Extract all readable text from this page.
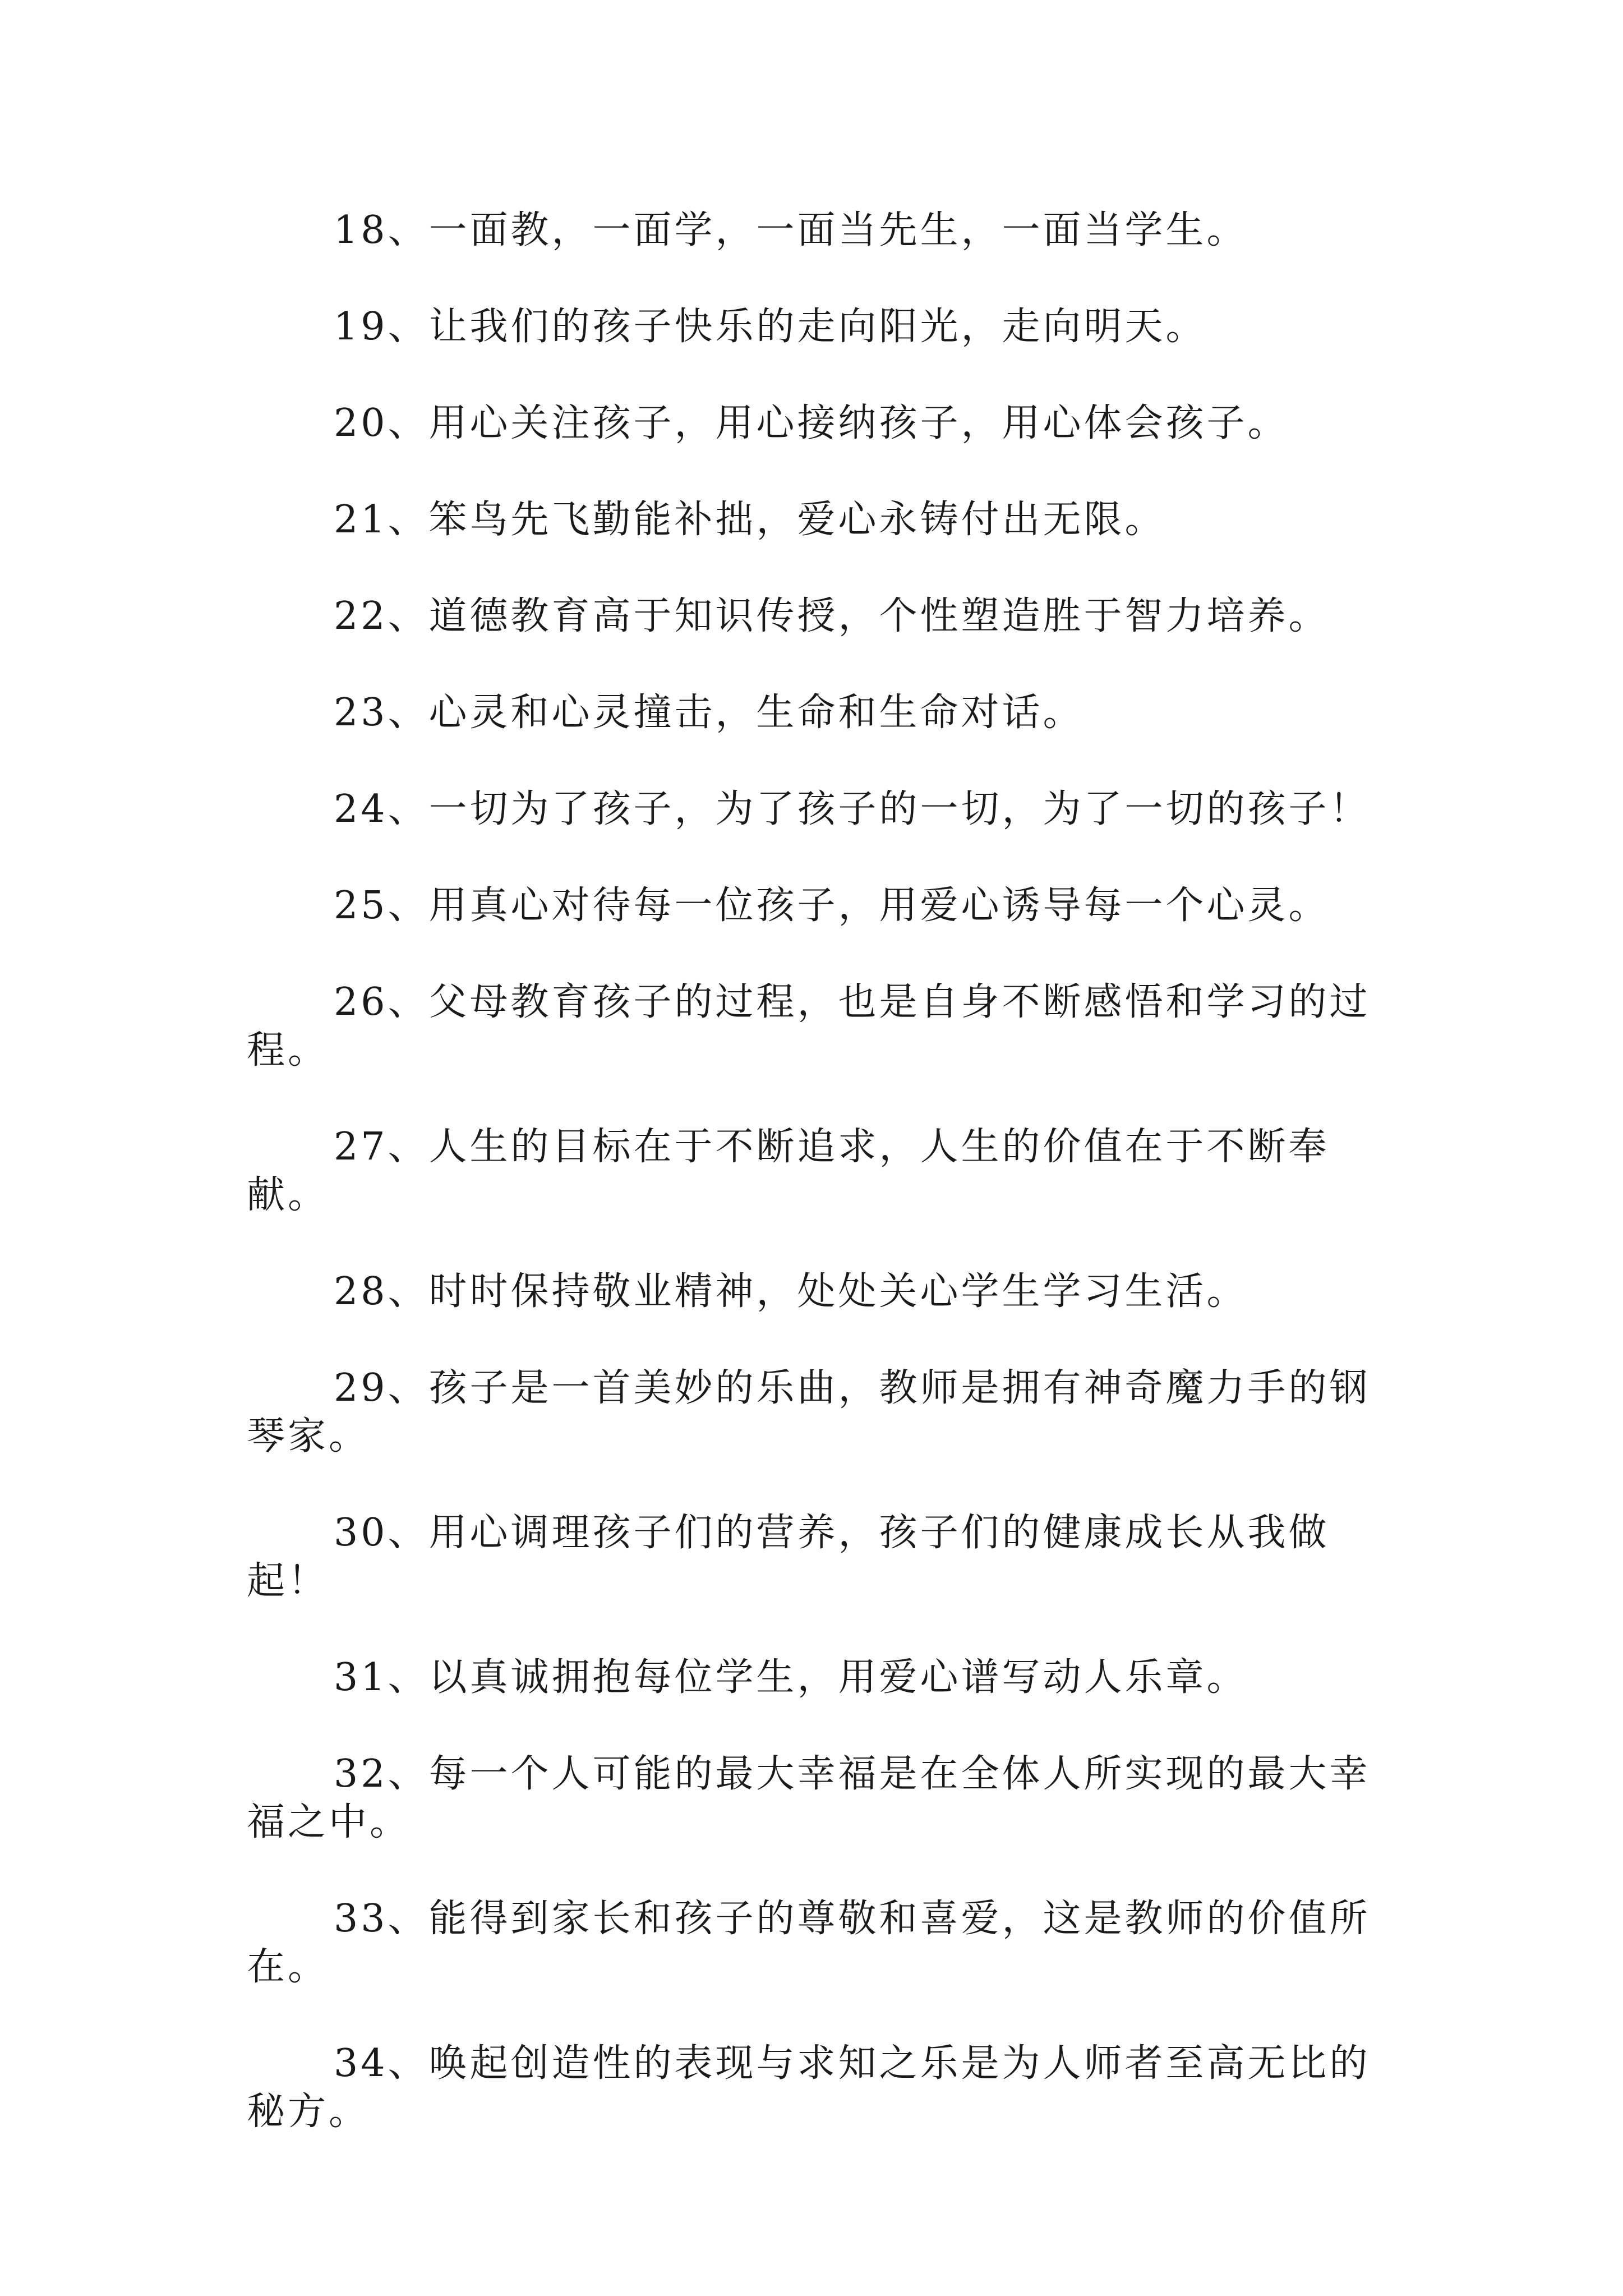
18、一面教，一面学，一面当先生，一面当学生。

19、让我们的孩子快乐的走向阳光，走向明天。

20、用心关注孩子，用心接纳孩子，用心体会孩子。

21、笨鸟先飞勤能补拙，爱心永铸付出无限。

22、道德教育高于知识传授，个性塑造胜于智力培养。

23、心灵和心灵撞击，生命和生命对话。

24、一切为了孩子，为了孩子的一切，为了一切的孩子！

25、用真心对待每一位孩子，用爱心诱导每一个心灵。

26、父母教育孩子的过程，也是自身不断感悟和学习的过程。

27、人生的目标在于不断追求，人生的价值在于不断奉献。

28、时时保持敬业精神，处处关心学生学习生活。

29、孩子是一首美妙的乐曲，教师是拥有神奇魔力手的钢琴家。

30、用心调理孩子们的营养，孩子们的健康成长从我做起！

31、以真诚拥抱每位学生，用爱心谱写动人乐章。

32、每一个人可能的最大幸福是在全体人所实现的最大幸福之中。

33、能得到家长和孩子的尊敬和喜爱，这是教师的价值所在。

34、唤起创造性的表现与求知之乐是为人师者至高无比的秘方。
